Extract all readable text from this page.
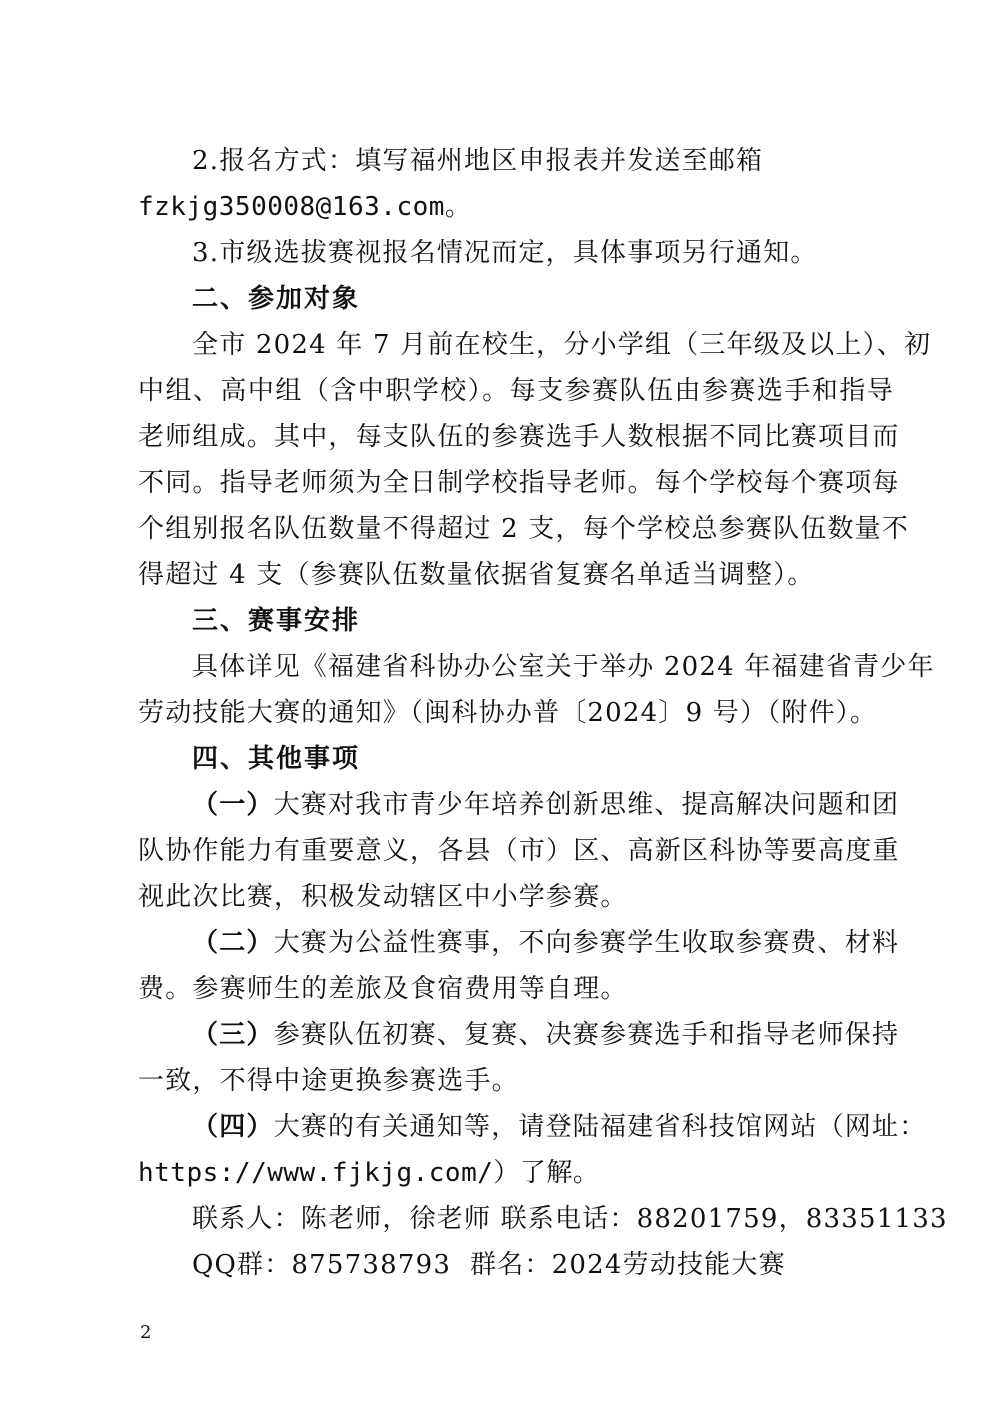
2.报名方式：填写福州地区申报表并发送至邮箱
fzkjg350008@163.com。
3.市级选拔赛视报名情况而定，具体事项另行通知。
二、参加对象
全市 2024 年 7 月前在校生，分小学组（三年级及以上）、初
中组、高中组（含中职学校）。每支参赛队伍由参赛选手和指导
老师组成。其中，每支队伍的参赛选手人数根据不同比赛项目而
不同。指导老师须为全日制学校指导老师。每个学校每个赛项每
个组别报名队伍数量不得超过 2 支，每个学校总参赛队伍数量不
得超过 4 支（参赛队伍数量依据省复赛名单适当调整）。
三、赛事安排
具体详见《福建省科协办公室关于举办 2024 年福建省青少年
劳动技能大赛的通知》（闽科协办普〔2024〕9 号）（附件）。
四、其他事项
（一）大赛对我市青少年培养创新思维、提高解决问题和团
队协作能力有重要意义，各县（市）区、高新区科协等要高度重
视此次比赛，积极发动辖区中小学参赛。
（二）大赛为公益性赛事，不向参赛学生收取参赛费、材料
费。参赛师生的差旅及食宿费用等自理。
（三）参赛队伍初赛、复赛、决赛参赛选手和指导老师保持
一致，不得中途更换参赛选手。
（四）大赛的有关通知等，请登陆福建省科技馆网站（网址：
https://www.fjkjg.com/）了解。
联系人：陈老师，徐老师 联系电话：88201759，83351133
QQ群：875738793 群名：2024劳动技能大赛
2
